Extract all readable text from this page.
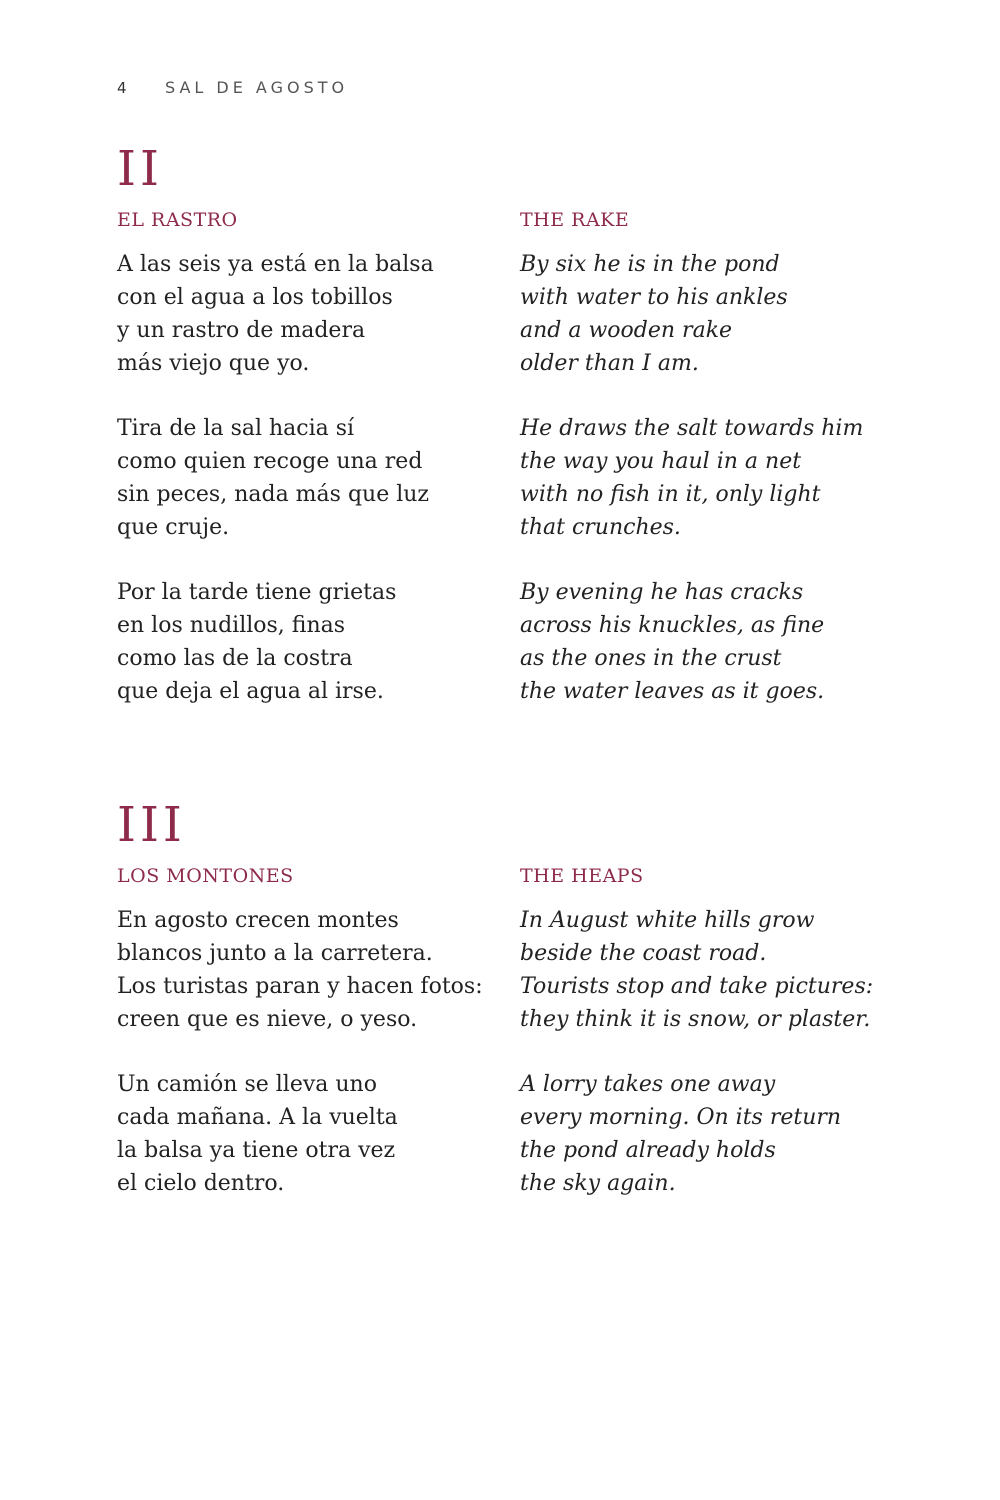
4 SAL DE AGOSTO
II
EL RASTRO
A las seis ya está en la balsa
con el agua a los tobillos
y un rastro de madera
más viejo que yo.
Tira de la sal hacia sí
como quien recoge una red
sin peces, nada más que luz
que cruje.
Por la tarde tiene grietas
en los nudillos, finas
como las de la costra
que deja el agua al irse.
THE RAKE
By six he is in the pond
with water to his ankles
and a wooden rake
older than I am.
He draws the salt towards him
the way you haul in a net
with no fish in it, only light
that crunches.
By evening he has cracks
across his knuckles, as fine
as the ones in the crust
the water leaves as it goes.
III
LOS MONTONES
En agosto crecen montes
blancos junto a la carretera.
Los turistas paran y hacen fotos:
creen que es nieve, o yeso.
Un camión se lleva uno
cada mañana. A la vuelta
la balsa ya tiene otra vez
el cielo dentro.
THE HEAPS
In August white hills grow
beside the coast road.
Tourists stop and take pictures:
they think it is snow, or plaster.
A lorry takes one away
every morning. On its return
the pond already holds
the sky again.
